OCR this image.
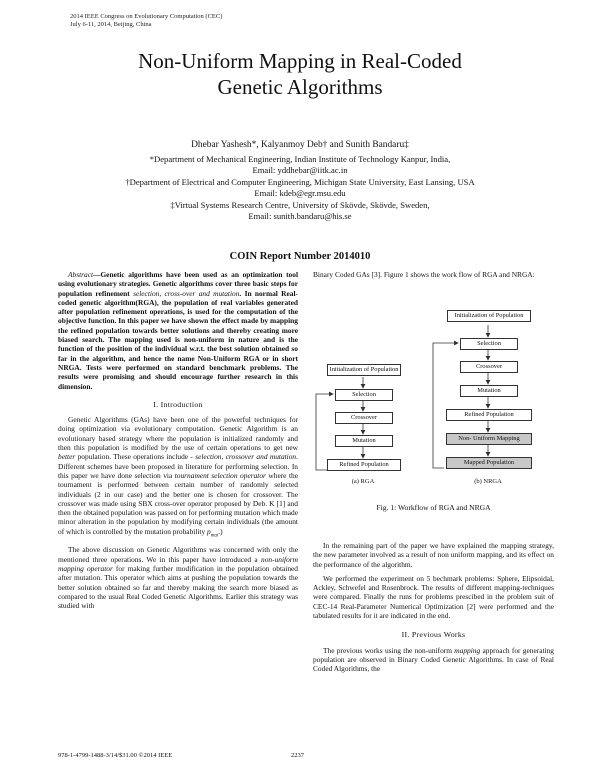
2014 IEEE Congress on Evolutionary Computation (CEC)
July 6-11, 2014, Beijing, China
Non-Uniform Mapping in Real-Coded
Genetic Algorithms
Dhebar Yashesh*, Kalyanmoy Deb† and Sunith Bandaru‡
*Department of Mechanical Engineering, Indian Institute of Technology Kanpur, India,
Email: yddhebar@iitk.ac.in
†Department of Electrical and Computer Engineering, Michigan State University, East Lansing, USA
Email: kdeb@egr.msu.edu
‡Virtual Systems Research Centre, University of Skövde, Skövde, Sweden,
Email: sunith.bandaru@his.se
COIN Report Number 2014010

Abstract—Genetic algorithms have been used as an optimization tool using evolutionary strategies. Genetic algorithms cover three basic steps for population refinement selection, cross-over and mutation. In normal Real-coded genetic algorithm(RGA), the population of real variables generated after population refinement operations, is used for the computation of the objective function. In this paper we have shown the effect made by mapping the refined population towards better solutions and thereby creating more biased search. The mapping used is non-uniform in nature and is the function of the position of the individual w.r.t. the best solution obtained so far in the algorithm, and hence the name Non-Uniform RGA or in short NRGA. Tests were performed on standard benchmark problems. The results were promising and should encourage further research in this dimension.

I. Introduction

Genetic Algorithms (GAs) have been one of the powerful techniques for doing optimization via evolutionary computation. Genetic Algorithm is an evolutionary based strategy where the population is initialized randomly and then this population is modified by the use of certain operations to get new better population. These operations include - selection, crossover and mutation. Different schemes have been proposed in literature for performing selection. In this paper we have done selection via tournament selection operator where the tournament is performed between certain number of randomly selected individuals (2 in our case) and the better one is chosen for crossover. The crossover was made using SBX cross-over operator proposed by Deb. K [1] and then the obtained population was passed on for performing mutation which made minor alteration in the population by modifying certain individuals (the amount of which is controlled by the mutation probability $p_{mut}$.)

The above discussion on Genetic Algorithms was concerned with only the mentioned three operations. We in this paper have introduced a non-uniform mapping operator for making further modification in the population obtained after mutation. This operator which aims at pushing the population towards the better solution obtained so far and thereby making the search more biased as compared to the usual Real Coded Genetic Algorithms. Earlier this strategy was studied with

Binary Coded GAs [3]. Figure 1 shows the work flow of RGA and NRGA:

Initialization of Population
Selection
Crossover
Mutation
Refined Population
(a) RGA
Initialization of Population
Selection
Crossover
Mutation
Refined Population
Non- Uniform Mapping
Mapped Population
(b) NRGA
Fig. 1: Workflow of RGA and NRGA

In the remaining part of the paper we have explained the mapping strategy, the new parameter involved as a result of non uniform mapping, and its effect on the performance of the algorithm.

We performed the experiment on 5 bechmark problems: Sphere, Elipsoidal, Ackley, Schwefel and Rosenbrock. The results of different mapping-techniques were compared. Finally the runs for problems prescibed in the problem suit of CEC-14 Real-Parameter Numerical Optimization [2] were performed and the tabulated results for it are indicated in the end.

II. Previous Works

The previous works using the non-uniform mapping approach for generating population are observed in Binary Coded Genetic Algorithms. In case of Real Coded Algorithms, the

978-1-4799-1488-3/14/$31.00 ©2014 IEEE	2237
